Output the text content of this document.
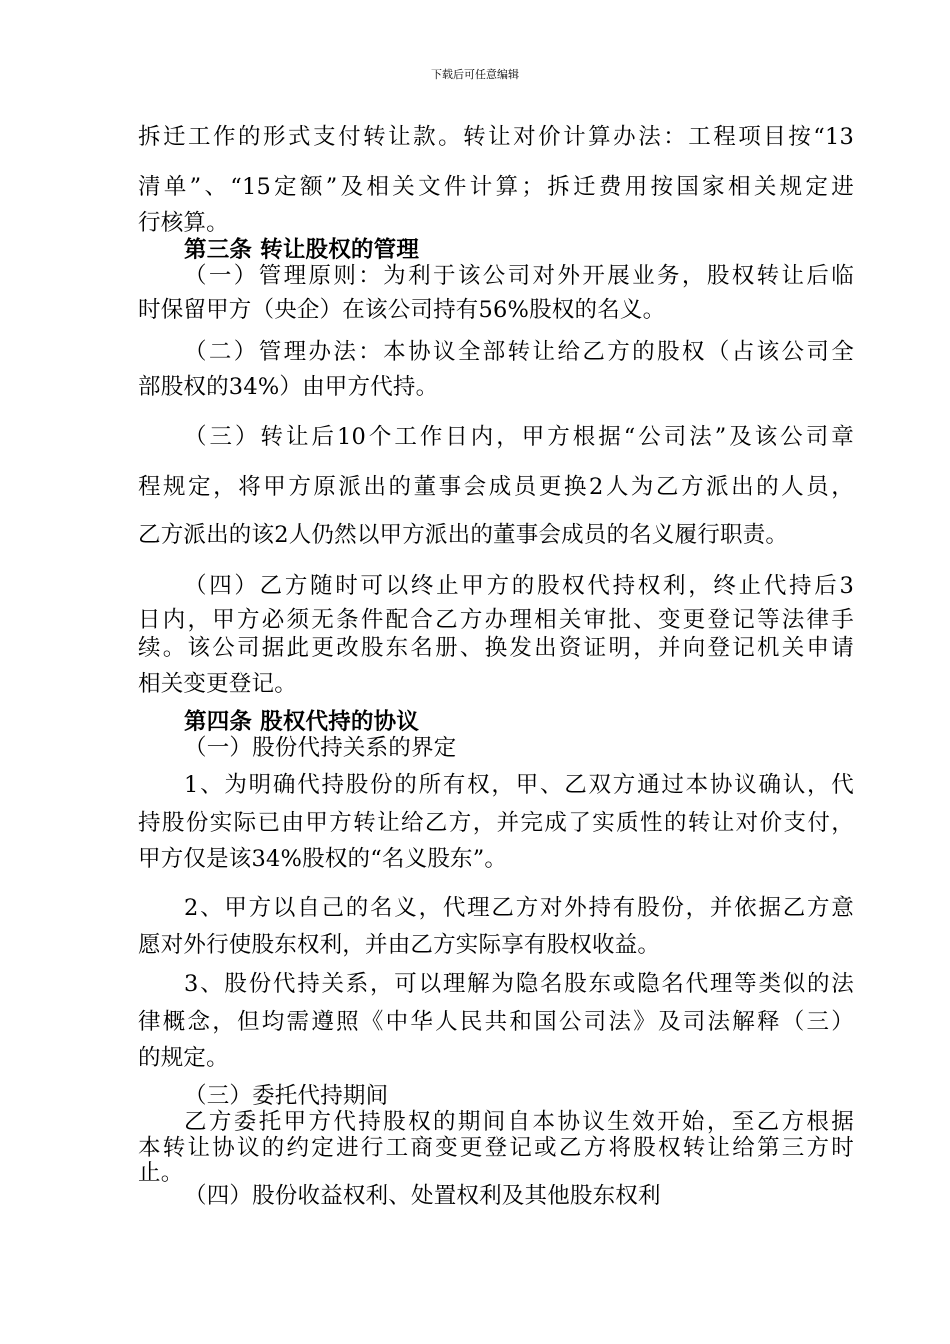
下载后可任意编辑
拆迁工作的形式支付转让款。转让对价计算办法：工程项目按“13
清单”、“15定额”及相关文件计算；拆迁费用按国家相关规定进
行核算。
第三条 转让股权的管理
（一）管理原则：为利于该公司对外开展业务，股权转让后临
时保留甲方（央企）在该公司持有56%股权的名义。
（二）管理办法：本协议全部转让给乙方的股权（占该公司全
部股权的34%）由甲方代持。
（三）转让后10个工作日内，甲方根据“公司法”及该公司章
程规定，将甲方原派出的董事会成员更换2人为乙方派出的人员，
乙方派出的该2人仍然以甲方派出的董事会成员的名义履行职责。
（四）乙方随时可以终止甲方的股权代持权利，终止代持后3
日内，甲方必须无条件配合乙方办理相关审批、变更登记等法律手
续。该公司据此更改股东名册、换发出资证明，并向登记机关申请
相关变更登记。
第四条 股权代持的协议
（一）股份代持关系的界定
1、为明确代持股份的所有权，甲、乙双方通过本协议确认，代
持股份实际已由甲方转让给乙方，并完成了实质性的转让对价支付，
甲方仅是该34%股权的“名义股东”。
2、甲方以自己的名义，代理乙方对外持有股份，并依据乙方意
愿对外行使股东权利，并由乙方实际享有股权收益。
3、股份代持关系，可以理解为隐名股东或隐名代理等类似的法
律概念，但均需遵照《中华人民共和国公司法》及司法解释（三）
的规定。
（三）委托代持期间
乙方委托甲方代持股权的期间自本协议生效开始，至乙方根据
本转让协议的约定进行工商变更登记或乙方将股权转让给第三方时
止。
（四）股份收益权利、处置权利及其他股东权利
